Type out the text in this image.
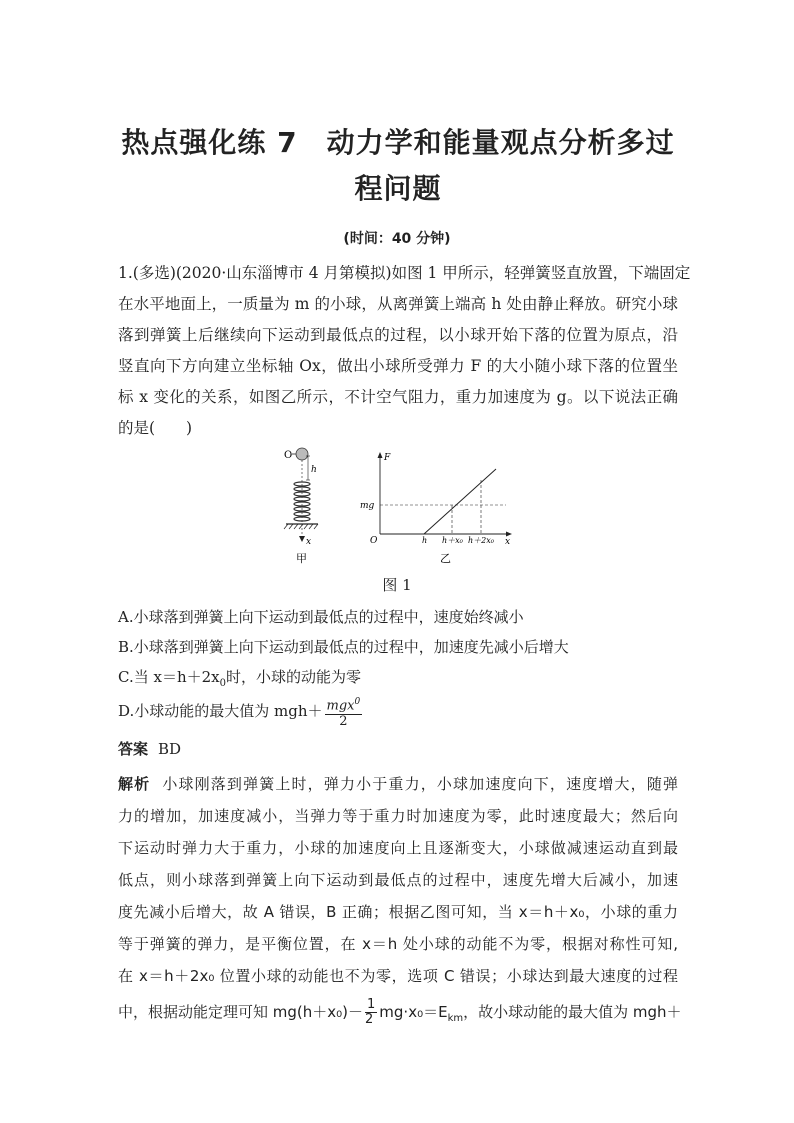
热点强化练 7　动力学和能量观点分析多过
程问题
(时间：40 分钟)
1.(多选)(2020·山东淄博市 4 月第模拟)如图 1 甲所示，轻弹簧竖直放置，下端固定
在水平地面上，一质量为 m 的小球，从离弹簧上端高 h 处由静止释放。研究小球
落到弹簧上后继续向下运动到最低点的过程，以小球开始下落的位置为原点，沿
竖直向下方向建立坐标轴 Ox，做出小球所受弹力 F 的大小随小球下落的位置坐
标 x 变化的关系，如图乙所示，不计空气阻力，重力加速度为 g。以下说法正确
的是(　　)
O
h
x
甲
F
x
O
mg
h h＋x₀ h＋2x₀
乙
图 1
A.小球落到弹簧上向下运动到最低点的过程中，速度始终减小
B.小球落到弹簧上向下运动到最低点的过程中，加速度先减小后增大
C.当 $x=h+2x_0$时，小球的动能为零
D.小球动能的最大值为 $mgh+ \frac{mgx^0}{2}$
答案 BD
解析 小球刚落到弹簧上时，弹力小于重力，小球加速度向下，速度增大，随弹
力的增加，加速度减小，当弹力等于重力时加速度为零，此时速度最大；然后向
下运动时弹力大于重力，小球的加速度向上且逐渐变大，小球做减速运动直到最
低点，则小球落到弹簧上向下运动到最低点的过程中，速度先增大后减小，加速
度先减小后增大，故 A 错误，B 正确；根据乙图可知，当 x＝h＋x₀，小球的重力
等于弹簧的弹力，是平衡位置，在 x＝h 处小球的动能不为零，根据对称性可知,
在 x＝h＋2x₀ 位置小球的动能也不为零，选项 C 错误；小球达到最大速度的过程
中，根据动能定理可知 $mg(h+x_0)- \frac{1}{2} mg\cdot x_0=E_{km}$，故小球动能的最大值为 mgh＋
